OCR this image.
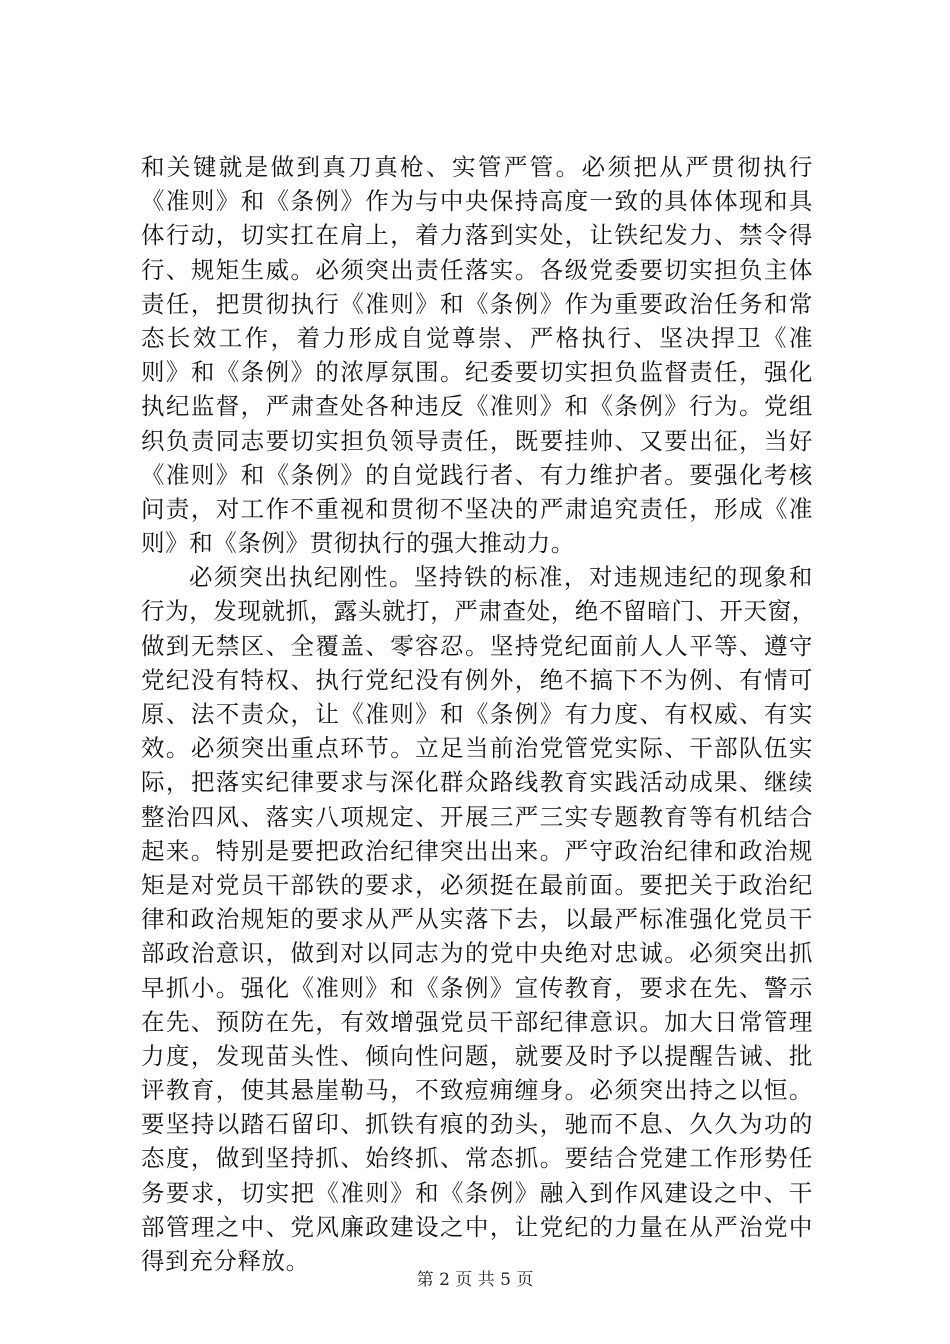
和关键就是做到真刀真枪、实管严管。必须把从严贯彻执行
《准则》和《条例》作为与中央保持高度一致的具体体现和具
体行动，切实扛在肩上，着力落到实处，让铁纪发力、禁令得
行、规矩生威。必须突出责任落实。各级党委要切实担负主体
责任，把贯彻执行《准则》和《条例》作为重要政治任务和常
态长效工作，着力形成自觉尊崇、严格执行、坚决捍卫《准
则》和《条例》的浓厚氛围。纪委要切实担负监督责任，强化
执纪监督，严肃查处各种违反《准则》和《条例》行为。党组
织负责同志要切实担负领导责任，既要挂帅、又要出征，当好
《准则》和《条例》的自觉践行者、有力维护者。要强化考核
问责，对工作不重视和贯彻不坚决的严肃追究责任，形成《准
则》和《条例》贯彻执行的强大推动力。
必须突出执纪刚性。坚持铁的标准，对违规违纪的现象和
行为，发现就抓，露头就打，严肃查处，绝不留暗门、开天窗，
做到无禁区、全覆盖、零容忍。坚持党纪面前人人平等、遵守
党纪没有特权、执行党纪没有例外，绝不搞下不为例、有情可
原、法不责众，让《准则》和《条例》有力度、有权威、有实
效。必须突出重点环节。立足当前治党管党实际、干部队伍实
际，把落实纪律要求与深化群众路线教育实践活动成果、继续
整治四风、落实八项规定、开展三严三实专题教育等有机结合
起来。特别是要把政治纪律突出出来。严守政治纪律和政治规
矩是对党员干部铁的要求，必须挺在最前面。要把关于政治纪
律和政治规矩的要求从严从实落下去，以最严标准强化党员干
部政治意识，做到对以同志为的党中央绝对忠诚。必须突出抓
早抓小。强化《准则》和《条例》宣传教育，要求在先、警示
在先、预防在先，有效增强党员干部纪律意识。加大日常管理
力度，发现苗头性、倾向性问题，就要及时予以提醒告诫、批
评教育，使其悬崖勒马，不致痘痈缠身。必须突出持之以恒。
要坚持以踏石留印、抓铁有痕的劲头，驰而不息、久久为功的
态度，做到坚持抓、始终抓、常态抓。要结合党建工作形势任
务要求，切实把《准则》和《条例》融入到作风建设之中、干
部管理之中、党风廉政建设之中，让党纪的力量在从严治党中
得到充分释放。
第 2 页 共 5 页
